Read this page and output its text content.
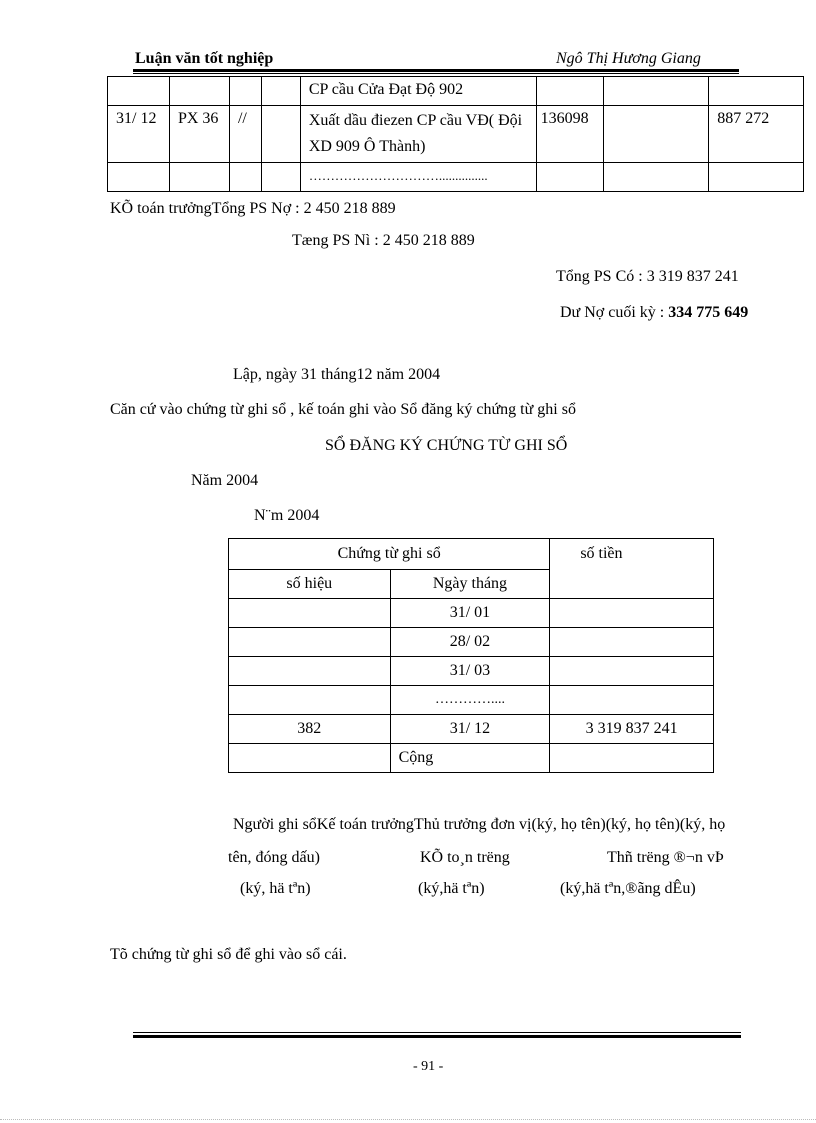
Luận văn tốt nghiệp	Ngô Thị Hương Giang
				CP cầu Cửa Đạt Độ 902			
31/ 12	PX 36	//		Xuất dầu điezen CP cầu VĐ( Đội XD 909 Ô Thành)	136098		887 272
				…………………………...............			
KÕ toán trưởngTổng PS Nợ : 2 450 218 889
Tæng PS Nì : 2 450 218 889
Tổng PS Có : 3 319 837 241
Dư Nợ cuối kỳ : 334 775 649
Lập, ngày 31 tháng12 năm 2004
Căn cứ vào chứng từ ghi sổ , kế toán ghi vào Sổ đăng ký chứng từ ghi sổ
SỔ ĐĂNG KÝ CHỨNG TỪ GHI SỔ
Năm 2004
N¨m 2004
Chứng từ ghi sổ		số tiền
số hiệu	Ngày tháng	
	31/ 01	
	28/ 02	
	31/ 03	
	…………....	
382	31/ 12	3 319 837 241
	Cộng	
Người ghi sổKế toán trưởngThủ trưởng đơn vị(ký, họ tên)(ký, họ tên)(ký, họ
tên, đóng dấu)	KÕ to¸n trëng	Thñ trëng ®¬n vÞ
(ký, hä tªn)	(ký,hä tªn)	(ký,hä tªn,®ãng dÊu)
Tõ chứng từ ghi sổ để ghi vào sổ cái.
- 91 -
